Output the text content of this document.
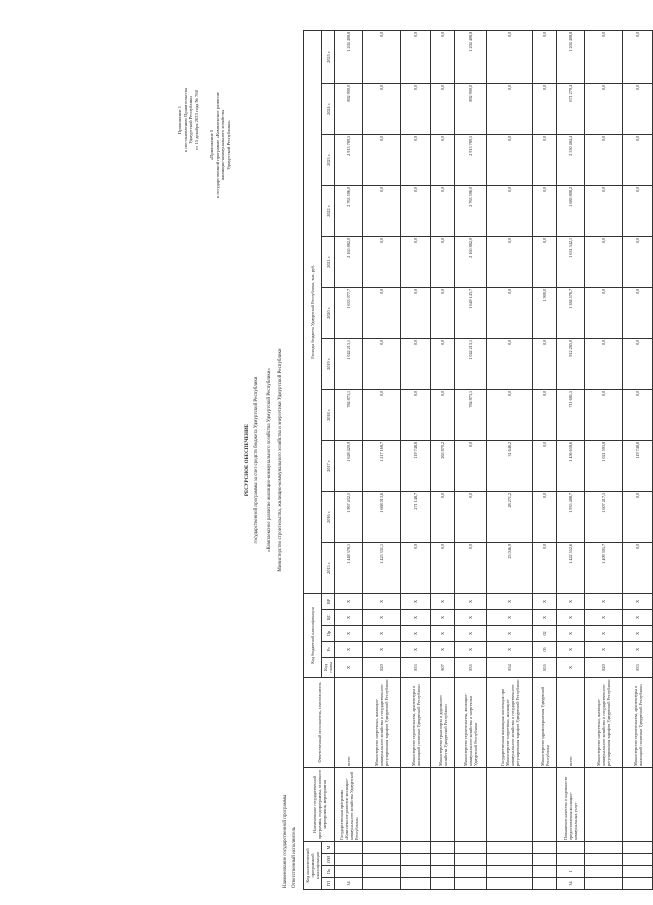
Приложение 1 к постановлению Правительства Удмуртской Республики от 15 декабря 2023 года № 768 «Приложение 5 к государственной программе «Комплексное развитие жилищно-коммунального хозяйства Удмуртской Республики»
РЕСУРСНОЕ ОБЕСПЕЧЕНИЕ государственной программы за счет средств бюджета Удмуртской Республики «Комплексное развитие жилищно-коммунального хозяйства Удмуртской Республики» Министерство строительства, жилищно-коммунального хозяйства и энергетики Удмуртской Республики
Наименование государственной программы Ответственный исполнитель Код аналитической программной классификации				Наименование государственной программы, подпрограммы, основного мероприятия, мероприятия	Ответственный исполнитель, соисполнитель	Код бюджетной классификации					Расходы бюджета Удмуртской Республики, тыс. руб.										
ГП	Пп	ОМ	М			Код главы	Рз	Пр	ЦС	ВР	2015 г.	2016 г.	2017 г.	2018 г.	2019 г.	2020 г.	2021 г.	2022 г.	2023 г.	2024 г.	2025 г.
34				Государственная программа «Комплексное развитие жилищно-коммунального хозяйства Удмуртской Республики»	всего	Х	Х	Х	Х	Х	1 448 378,1	1 967 432,5	1 628 420,9	784 873,1	1 042 213,1	1 633 077,7	2 165 882,0	2 763 596,0	2 913 789,5	892 900,0	1 204 408,8
					Министерство энергетики, жилищно-коммунального хозяйства и государственного регулирования тарифов Удмуртской Республики	820	Х	Х	Х	Х	1 425 331,1	1 668 013,6	1 217 168,7	0,0	0,0	0,0	0,0	0,0	0,0	0,0	0,0
					Министерство строительства, архитектуры и жилищной политики Удмуртской Республики	833	Х	Х	Х	Х	0,0	271 148,7	119 748,8	0,0	0,0	0,0	0,0	0,0	0,0	0,0	0,0
					Министерство транспорта и дорожного хозяйства Удмуртской Республики	807	Х	Х	Х	Х	0,0	0,0	265 870,2	0,0	0,0	0,0	0,0	0,0	0,0	0,0	0,0
					Министерство строительства, жилищно-коммунального хозяйства и энергетики Удмуртской Республики	835	Х	Х	Х	Х	0,0	0,0	0,0	784 873,1	1 042 213,1	1 649 143,7	2 165 882,0	2 763 596,0	2 913 789,5	892 900,0	1 204 408,8
					Государственная жилищная инспекция при Министерстве энергетики, жилищно-коммунального хозяйства и государственного регулирования тарифов Удмуртской Республики	834	Х	Х	Х	Х	23 046,9	28 271,2	31 646,2	0,0	0,0	0,0	0,0	0,0	0,0	0,0	0,0
					Министерство здравоохранения Удмуртской Республики	855	05	02	Х	Х	0,0	0,0	0,0	0,0	0,0	1 900,0	0,0	0,0	0,0	0,0	0,0
34	1			Повышение качества и надежности предоставления жилищно-коммунальных услуг	всего	Х	Х	Х	Х	Х	1 422 552,6	1 935 488,7	1 456 658,6	711 681,5	912 285,0	1 384 576,7	1 631 542,1	1 685 808,2	2 530 484,4	671 279,4	1 204 408,8
					Министерство энергетики, жилищно-коммунального хозяйства и государственного регулирования тарифов Удмуртской Республики	820	Х	Х	Х	Х	1 409 305,7	1 607 417,5	1 021 593,8	0,0	0,0	0,0	0,0	0,0	0,0	0,0	0,0
					Министерство строительства, архитектуры и жилищной политики Удмуртской Республики	833	Х	Х	Х	Х	0,0	0,0	119 748,8	0,0	0,0	0,0	0,0	0,0	0,0	0,0	0,0
